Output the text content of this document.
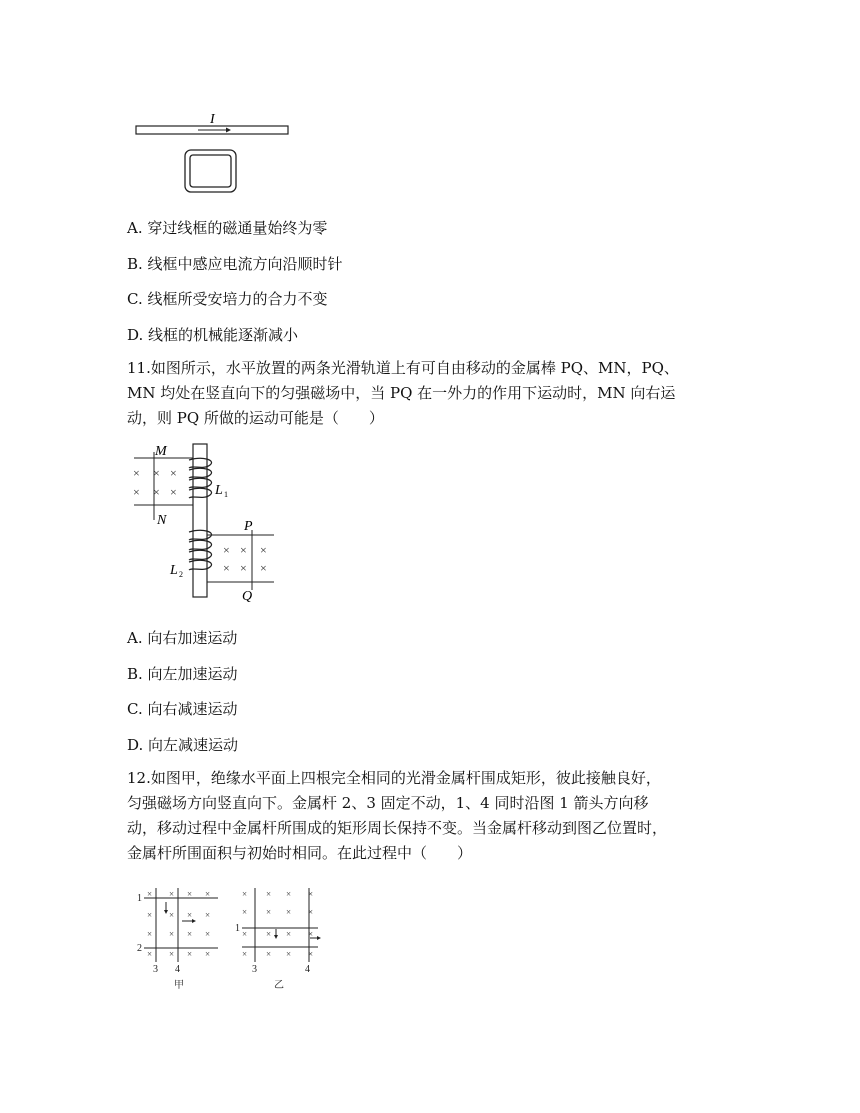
I
A. 穿过线框的磁通量始终为零
B. 线框中感应电流方向沿顺时针
C. 线框所受安培力的合力不变
D. 线框的机械能逐渐减小
11.如图所示，水平放置的两条光滑轨道上有可自由移动的金属棒 PQ、MN，PQ、
MN 均处在竖直向下的匀强磁场中，当 PQ 在一外力的作用下运动时，MN 向右运
动，则 PQ 所做的运动可能是（　　）
M
N
× × ×
× × ×	L 1
L 2
P
Q
× × ×
× × ×
A. 向右加速运动
B. 向左加速运动
C. 向右减速运动
D. 向左减速运动
12.如图甲，绝缘水平面上四根完全相同的光滑金属杆围成矩形，彼此接触良好，
匀强磁场方向竖直向下。金属杆 2、3 固定不动，1、4 同时沿图 1 箭头方向移
动，移动过程中金属杆所围成的矩形周长保持不变。当金属杆移动到图乙位置时，
金属杆所围面积与初始时相同。在此过程中（　　）
× × × ×
× × × ×
× × × ×
× × × ×
× × × ×
× × × ×
× × × ×
× × × ×
1
2
3 4
甲
1
3	4
乙
